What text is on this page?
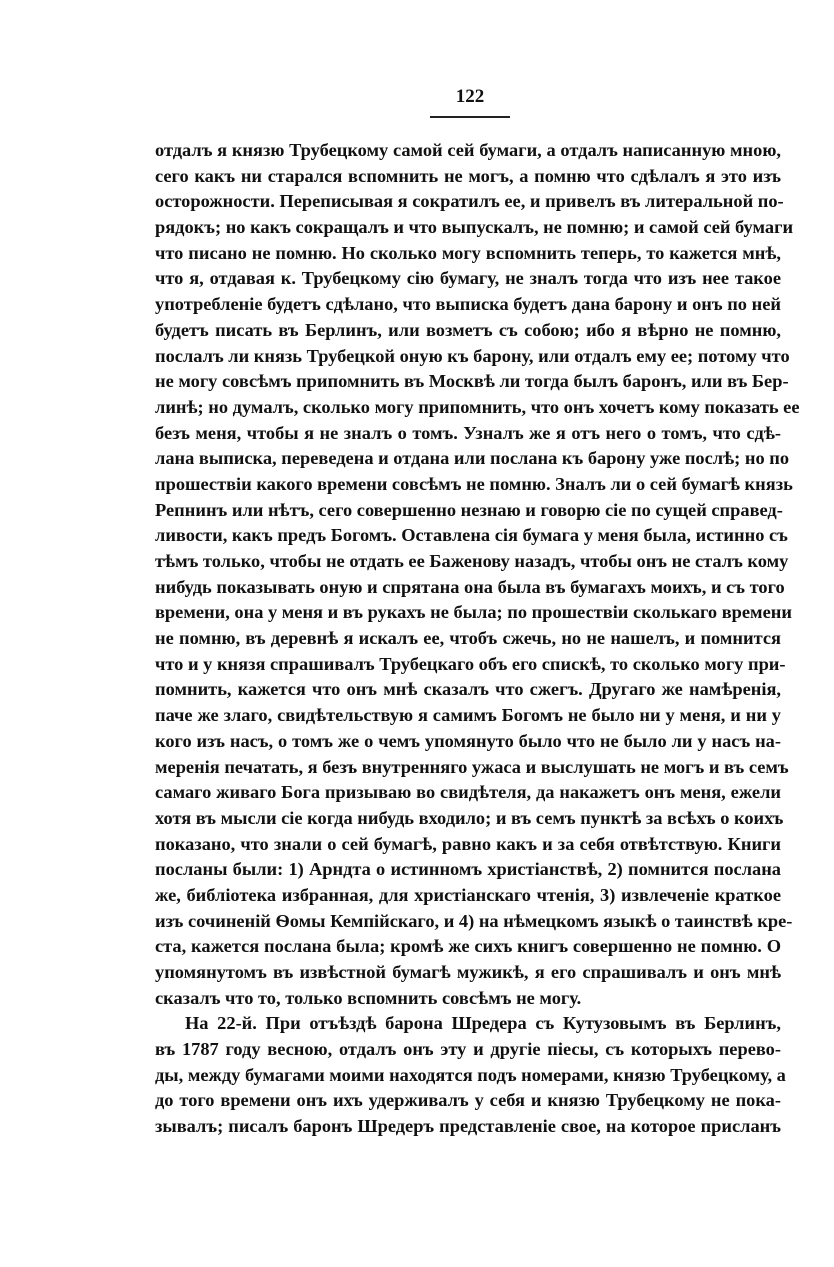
122
отдалъ я князю Трубецкому самой сей бумаги, а отдалъ написанную мною,
сего какъ ни старался вспомнить не могъ, а помню что сдѣлалъ я это изъ
осторожности. Переписывая я сократилъ ее, и привелъ въ литеральной по-
рядокъ; но какъ сокращалъ и что выпускалъ, не помню; и самой сей бумаги
что писано не помню. Но сколько могу вспомнить теперь, то кажется мнѣ,
что я, отдавая к. Трубецкому сію бумагу, не зналъ тогда что изъ нее такое
употребленіе будетъ сдѣлано, что выписка будетъ дана барону и онъ по ней
будетъ писать въ Берлинъ, или возметъ съ собою; ибо я вѣрно не помню,
послалъ ли князь Трубецкой оную къ барону, или отдалъ ему ее; потому что
не могу совсѣмъ припомнить въ Москвѣ ли тогда былъ баронъ, или въ Бер-
линѣ; но думалъ, сколько могу припомнить, что онъ хочетъ кому показать ее
безъ меня, чтобы я не зналъ о томъ. Узналъ же я отъ него о томъ, что сдѣ-
лана выписка, переведена и отдана или послана къ барону уже послѣ; но по
прошествіи какого времени совсѣмъ не помню. Зналъ ли о сей бумагѣ князь
Репнинъ или нѣтъ, сего совершенно незнаю и говорю сіе по сущей справед-
ливости, какъ предъ Богомъ. Оставлена сія бумага у меня была, истинно съ
тѣмъ только, чтобы не отдать ее Баженову назадъ, чтобы онъ не сталъ кому
нибудь показывать оную и спрятана она была въ бумагахъ моихъ, и съ того
времени, она у меня и въ рукахъ не была; по прошествіи сколькаго времени
не помню, въ деревнѣ я искалъ ее, чтобъ сжечь, но не нашелъ, и помнится
что и у князя спрашивалъ Трубецкаго объ его спискѣ, то сколько могу при-
помнить, кажется что онъ мнѣ сказалъ что сжегъ. Другаго же намѣренія,
паче же злаго, свидѣтельствую я самимъ Богомъ не было ни у меня, и ни у
кого изъ насъ, о томъ же о чемъ упомянуто было что не было ли у насъ на-
меренія печатать, я безъ внутренняго ужаса и выслушать не могъ и въ семъ
самаго живаго Бога призываю во свидѣтеля, да накажетъ онъ меня, ежели
хотя въ мысли сіе когда нибудь входило; и въ семъ пунктѣ за всѣхъ о коихъ
показано, что знали о сей бумагѣ, равно какъ и за себя отвѣтствую. Книги
посланы были: 1) Арндта о истинномъ христіанствѣ, 2) помнится послана
же, библіотека избранная, для христіанскаго чтенія, 3) извлеченіе краткое
изъ сочиненій Ѳомы Кемпійскаго, и 4) на нѣмецкомъ языкѣ о таинствѣ кре-
ста, кажется послана была; кромѣ же сихъ книгъ совершенно не помню. О
упомянутомъ въ извѣстной бумагѣ мужикѣ, я его спрашивалъ и онъ мнѣ
сказалъ что то, только вспомнить совсѣмъ не могу.
На 22-й. При отъѣздѣ барона Шредера съ Кутузовымъ въ Берлинъ,
въ 1787 году весною, отдалъ онъ эту и другіе піесы, съ которыхъ перево-
ды, между бумагами моими находятся подъ номерами, князю Трубецкому, а
до того времени онъ ихъ удерживалъ у себя и князю Трубецкому не пока-
зывалъ; писалъ баронъ Шредеръ представленіе свое, на которое присланъ
